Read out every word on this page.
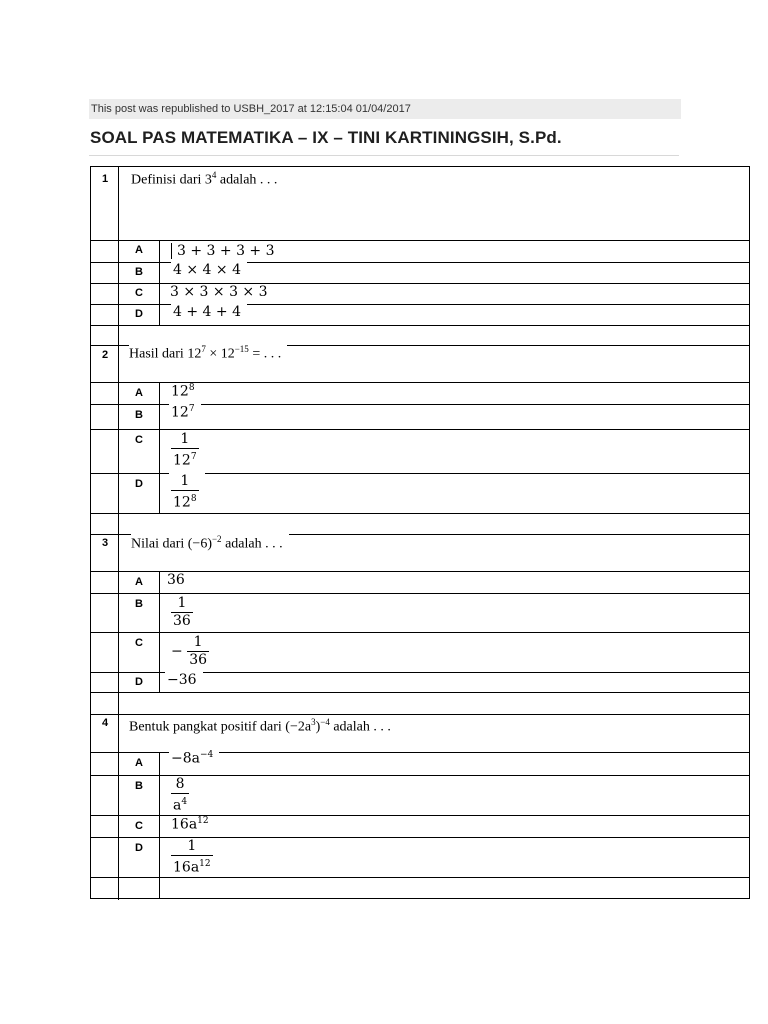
This post was republished to USBH_2017 at 12:15:04 01/04/2017
SOAL PAS MATEMATIKA – IX – TINI KARTININGSIH, S.Pd.
1 Definisi dari $3^4$ adalah . . .
A	3 + 3 + 3 + 3
B 4 × 4 × 4
C 3 × 3 × 3 × 3
D 4 + 4 + 4
2 Hasil dari $12^7 \times 12^{-15}$ = . . .
A $12^8$
B $12^7$
C $\frac{1}{12^7}$
D $\frac{1}{12^8}$
3 Nilai dari $(-6)^{-2}$ adalah . . .
A 36
B $\frac{1}{36}$
C
− $\frac{1}{36}$
D −36
4 Bentuk pangkat positif dari $(-2a^3)^{-4}$ adalah . . .
$A -8a^{-4}$
B $\frac{8}{a^4}$
C $16a^{12}$
D $\frac{1}{16a^{12}}$
